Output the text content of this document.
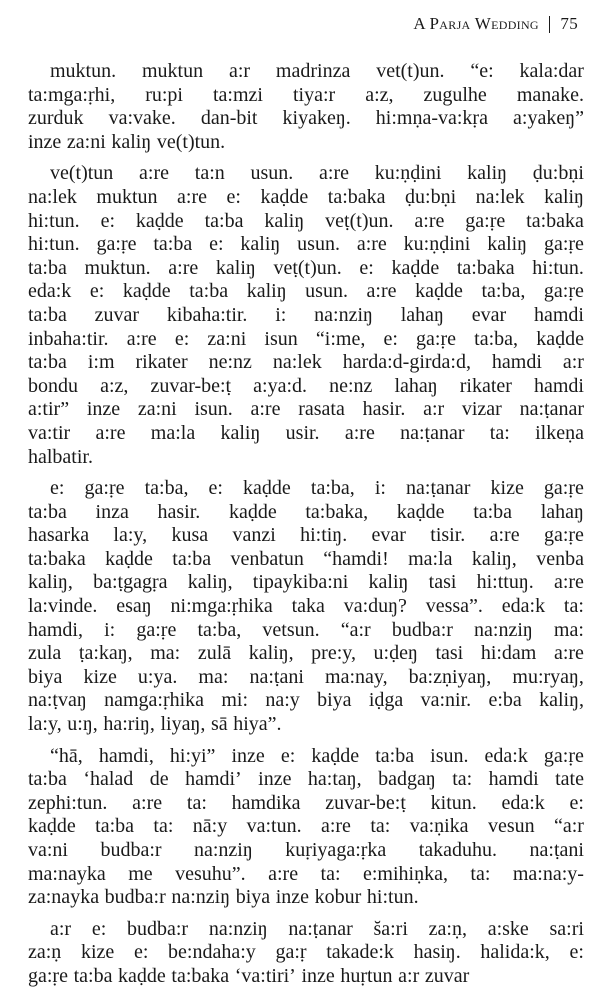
A Parja Wedding 75
muktun. muktun a:r madrinza vet(t)un. “e: kala:dar
ta:mga:ṛhi, ru:pi ta:mzi tiya:r a:z, zugulhe manake.
zurduk va:vake. dan-bit kiyakeŋ. hi:mṇa-va:kṛa a:yakeŋ”
inze za:ni kaliŋ ve(t)tun.
ve(t)tun a:re ta:n usun. a:re ku:ṇḍini kaliŋ ḍu:bṇi
na:lek muktun a:re e: kaḍde ta:baka ḍu:bṇi na:lek kaliŋ
hi:tun. e: kaḍde ta:ba kaliŋ veṭ(t)un. a:re ga:ṛe ta:baka
hi:tun. ga:ṛe ta:ba e: kaliŋ usun. a:re ku:ṇḍini kaliŋ ga:ṛe
ta:ba muktun. a:re kaliŋ veṭ(t)un. e: kaḍde ta:baka hi:tun.
eda:k e: kaḍde ta:ba kaliŋ usun. a:re kaḍde ta:ba, ga:ṛe
ta:ba zuvar kibaha:tir. i: na:nziŋ lahaŋ evar hamdi
inbaha:tir. a:re e: za:ni isun “i:me, e: ga:ṛe ta:ba, kaḍde
ta:ba i:m rikater ne:nz na:lek harda:d-girda:d, hamdi a:r
bondu a:z, zuvar-be:ṭ a:ya:d. ne:nz lahaŋ rikater hamdi
a:tir” inze za:ni isun. a:re rasata hasir. a:r vizar na:ṭanar
va:tir a:re ma:la kaliŋ usir. a:re na:ṭanar ta: ilkeṇa
halbatir.
e: ga:ṛe ta:ba, e: kaḍde ta:ba, i: na:ṭanar kize ga:ṛe
ta:ba inza hasir. kaḍde ta:baka, kaḍde ta:ba lahaŋ
hasarka la:y, kusa vanzi hi:tiŋ. evar tisir. a:re ga:ṛe
ta:baka kaḍde ta:ba venbatun “hamdi! ma:la kaliŋ, venba
kaliŋ, ba:ṭgagṛa kaliŋ, tipaykiba:ni kaliŋ tasi hi:ttuŋ. a:re
la:vinde. esaŋ ni:mga:ṛhika taka va:duŋ? vessa”. eda:k ta:
hamdi, i: ga:ṛe ta:ba, vetsun. “a:r budba:r na:nziŋ ma:
zula ṭa:kaŋ, ma: zulā kaliŋ, pre:y, u:ḍeŋ tasi hi:dam a:re
biya kize u:ya. ma: na:ṭani ma:nay, ba:zṇiyaŋ, mu:ryaŋ,
na:ṭvaŋ namga:ṛhika mi: na:y biya iḍga va:nir. e:ba kaliŋ,
la:y, u:ŋ, ha:riŋ, liyaŋ, sā hiya”.
“hā, hamdi, hi:yi” inze e: kaḍde ta:ba isun. eda:k ga:ṛe
ta:ba ‘halad de hamdi’ inze ha:taŋ, badgaŋ ta: hamdi tate
zephi:tun. a:re ta: hamdika zuvar-be:ṭ kitun. eda:k e:
kaḍde ta:ba ta: nā:y va:tun. a:re ta: va:ṇika vesun “a:r
va:ni budba:r na:nziŋ kuṛiyaga:ṛka takaduhu. na:ṭani
ma:nayka me vesuhu”. a:re ta: e:mihiṇka, ta: ma:na:y-
za:nayka budba:r na:nziŋ biya inze kobur hi:tun.
a:r e: budba:r na:nziŋ na:ṭanar s̆a:ri za:ṇ, a:ske sa:ri
za:ṇ kize e: be:ndaha:y ga:ṛ takade:k hasiŋ. halida:k, e:
ga:ṛe ta:ba kaḍde ta:baka ‘va:tiri’ inze huṛtun a:r zuvar
